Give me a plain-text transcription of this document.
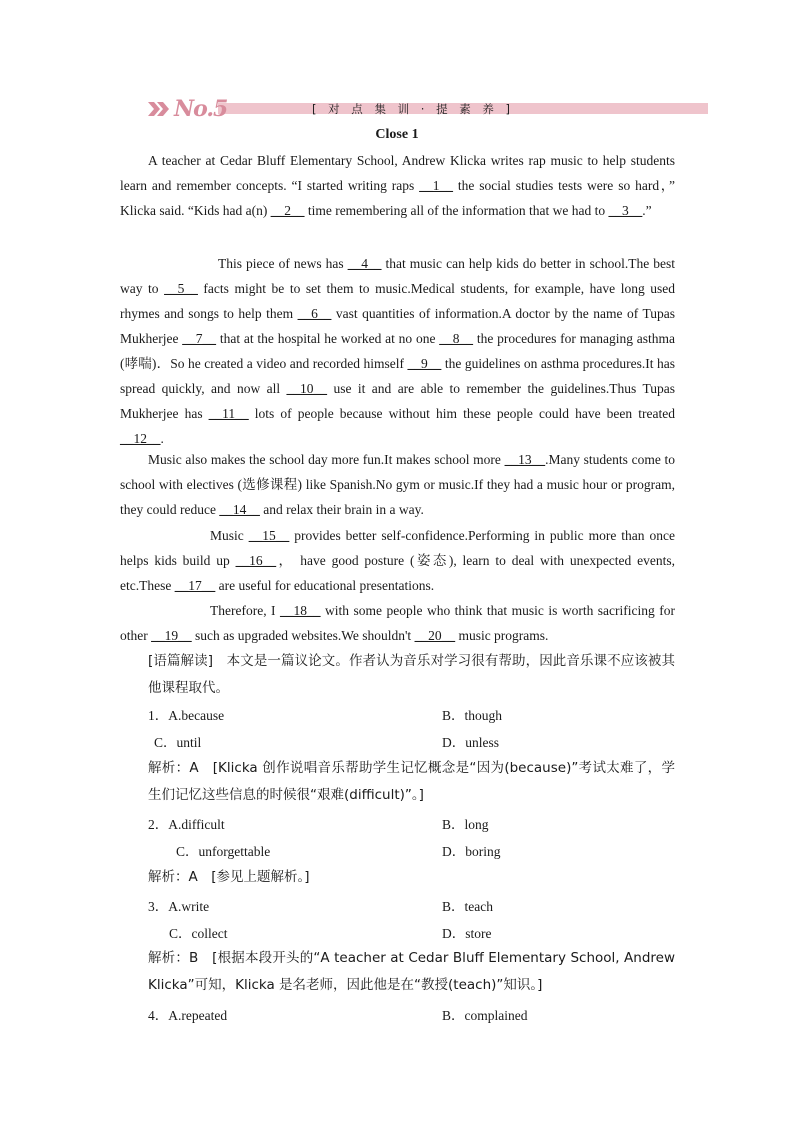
No.5	[ 对 点 集 训 · 提 素 养 ]
Close 1
A teacher at Cedar Bluff Elementary School, Andrew Klicka writes rap music to help students learn and remember concepts. “I started writing raps __1__ the social studies tests were so hard，” Klicka said. “Kids had a(n) __2__ time remembering all of the information that we had to __3__.”
This piece of news has __4__ that music can help kids do better in school.The best way to __5__ facts might be to set them to music.Medical students, for example, have long used rhymes and songs to help them __6__ vast quantities of information.A doctor by the name of Tupas Mukherjee __7__ that at the hospital he worked at no one __8__ the procedures for managing asthma (哮喘)．So he created a video and recorded himself __9__ the guidelines on asthma procedures.It has spread quickly, and now all __10__ use it and are able to remember the guidelines.Thus Tupas Mukherjee has __11__ lots of people because without him these people could have been treated __12__.
Music also makes the school day more fun.It makes school more __13__.Many students come to school with electives (选修课程) like Spanish.No gym or music.If they had a music hour or program, they could reduce __14__ and relax their brain in a way.
Music __15__ provides better self-confidence.Performing in public more than once helps kids build up __16__， have good posture (姿态), learn to deal with unexpected events, etc.These __17__ are useful for educational presentations.
Therefore, I __18__ with some people who think that music is worth sacrificing for other __19__ such as upgraded websites.We shouldn't __20__ music programs.
[语篇解读]　本文是一篇议论文。作者认为音乐对学习很有帮助，因此音乐课不应该被其他课程取代。
1．A.because	B．though
C．until	D．unless
解析：A　[Klicka 创作说唱音乐帮助学生记忆概念是“因为(because)”考试太难了，学生们记忆这些信息的时候很“艰难(difficult)”。]
2．A.difficult	B．long
C．unforgettable	D．boring
解析：A　[参见上题解析。]
3．A.write	B．teach
C．collect	D．store
解析：B　[根据本段开头的“A teacher at Cedar Bluff Elementary School, Andrew Klicka”可知，Klicka 是名老师，因此他是在“教授(teach)”知识。]
4．A.repeated	B．complained
